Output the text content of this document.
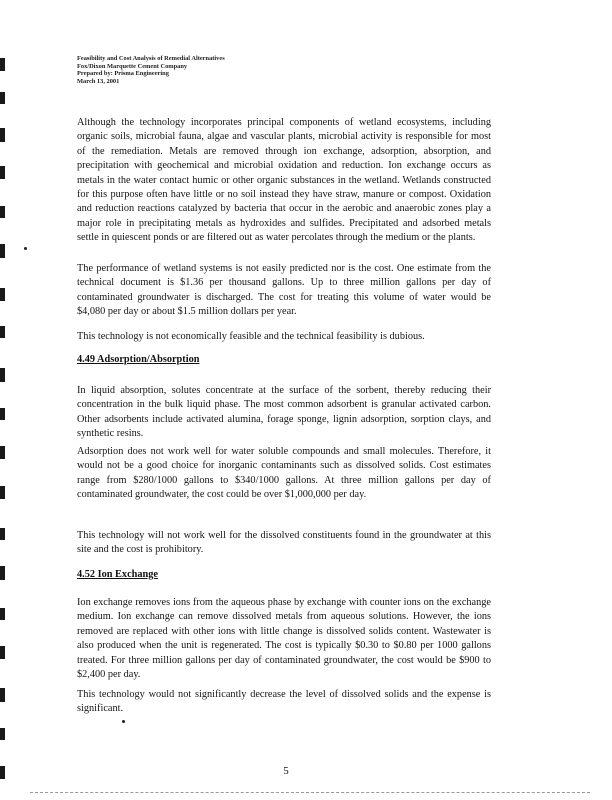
Feasibility and Cost Analysis of Remedial Alternatives
Fox/Dixon Marquette Cement Company
Prepared by: Prisma Engineering
March 13, 2001

Although the technology incorporates principal components of wetland ecosystems, including organic soils, microbial fauna, algae and vascular plants, microbial activity is responsible for most of the remediation. Metals are removed through ion exchange, adsorption, absorption, and precipitation with geochemical and microbial oxidation and reduction. Ion exchange occurs as metals in the water contact humic or other organic substances in the wetland. Wetlands constructed for this purpose often have little or no soil instead they have straw, manure or compost. Oxidation and reduction reactions catalyzed by bacteria that occur in the aerobic and anaerobic zones play a major role in precipitating metals as hydroxides and sulfides. Precipitated and adsorbed metals settle in quiescent ponds or are filtered out as water percolates through the medium or the plants.

The performance of wetland systems is not easily predicted nor is the cost. One estimate from the technical document is $1.36 per thousand gallons. Up to three million gallons per day of contaminated groundwater is discharged. The cost for treating this volume of water would be $4,080 per day or about $1.5 million dollars per year.

This technology is not economically feasible and the technical feasibility is dubious.

4.49 Adsorption/Absorption

In liquid absorption, solutes concentrate at the surface of the sorbent, thereby reducing their concentration in the bulk liquid phase. The most common adsorbent is granular activated carbon. Other adsorbents include activated alumina, forage sponge, lignin adsorption, sorption clays, and synthetic resins.

Adsorption does not work well for water soluble compounds and small molecules. Therefore, it would not be a good choice for inorganic contaminants such as dissolved solids. Cost estimates range from $280/1000 gallons to $340/1000 gallons. At three million gallons per day of contaminated groundwater, the cost could be over $1,000,000 per day.

This technology will not work well for the dissolved constituents found in the groundwater at this site and the cost is prohibitory.

4.52 Ion Exchange

Ion exchange removes ions from the aqueous phase by exchange with counter ions on the exchange medium. Ion exchange can remove dissolved metals from aqueous solutions. However, the ions removed are replaced with other ions with little change is dissolved solids content. Wastewater is also produced when the unit is regenerated. The cost is typically $0.30 to $0.80 per 1000 gallons treated. For three million gallons per day of contaminated groundwater, the cost would be $900 to $2,400 per day.

This technology would not significantly decrease the level of dissolved solids and the expense is significant.

5
